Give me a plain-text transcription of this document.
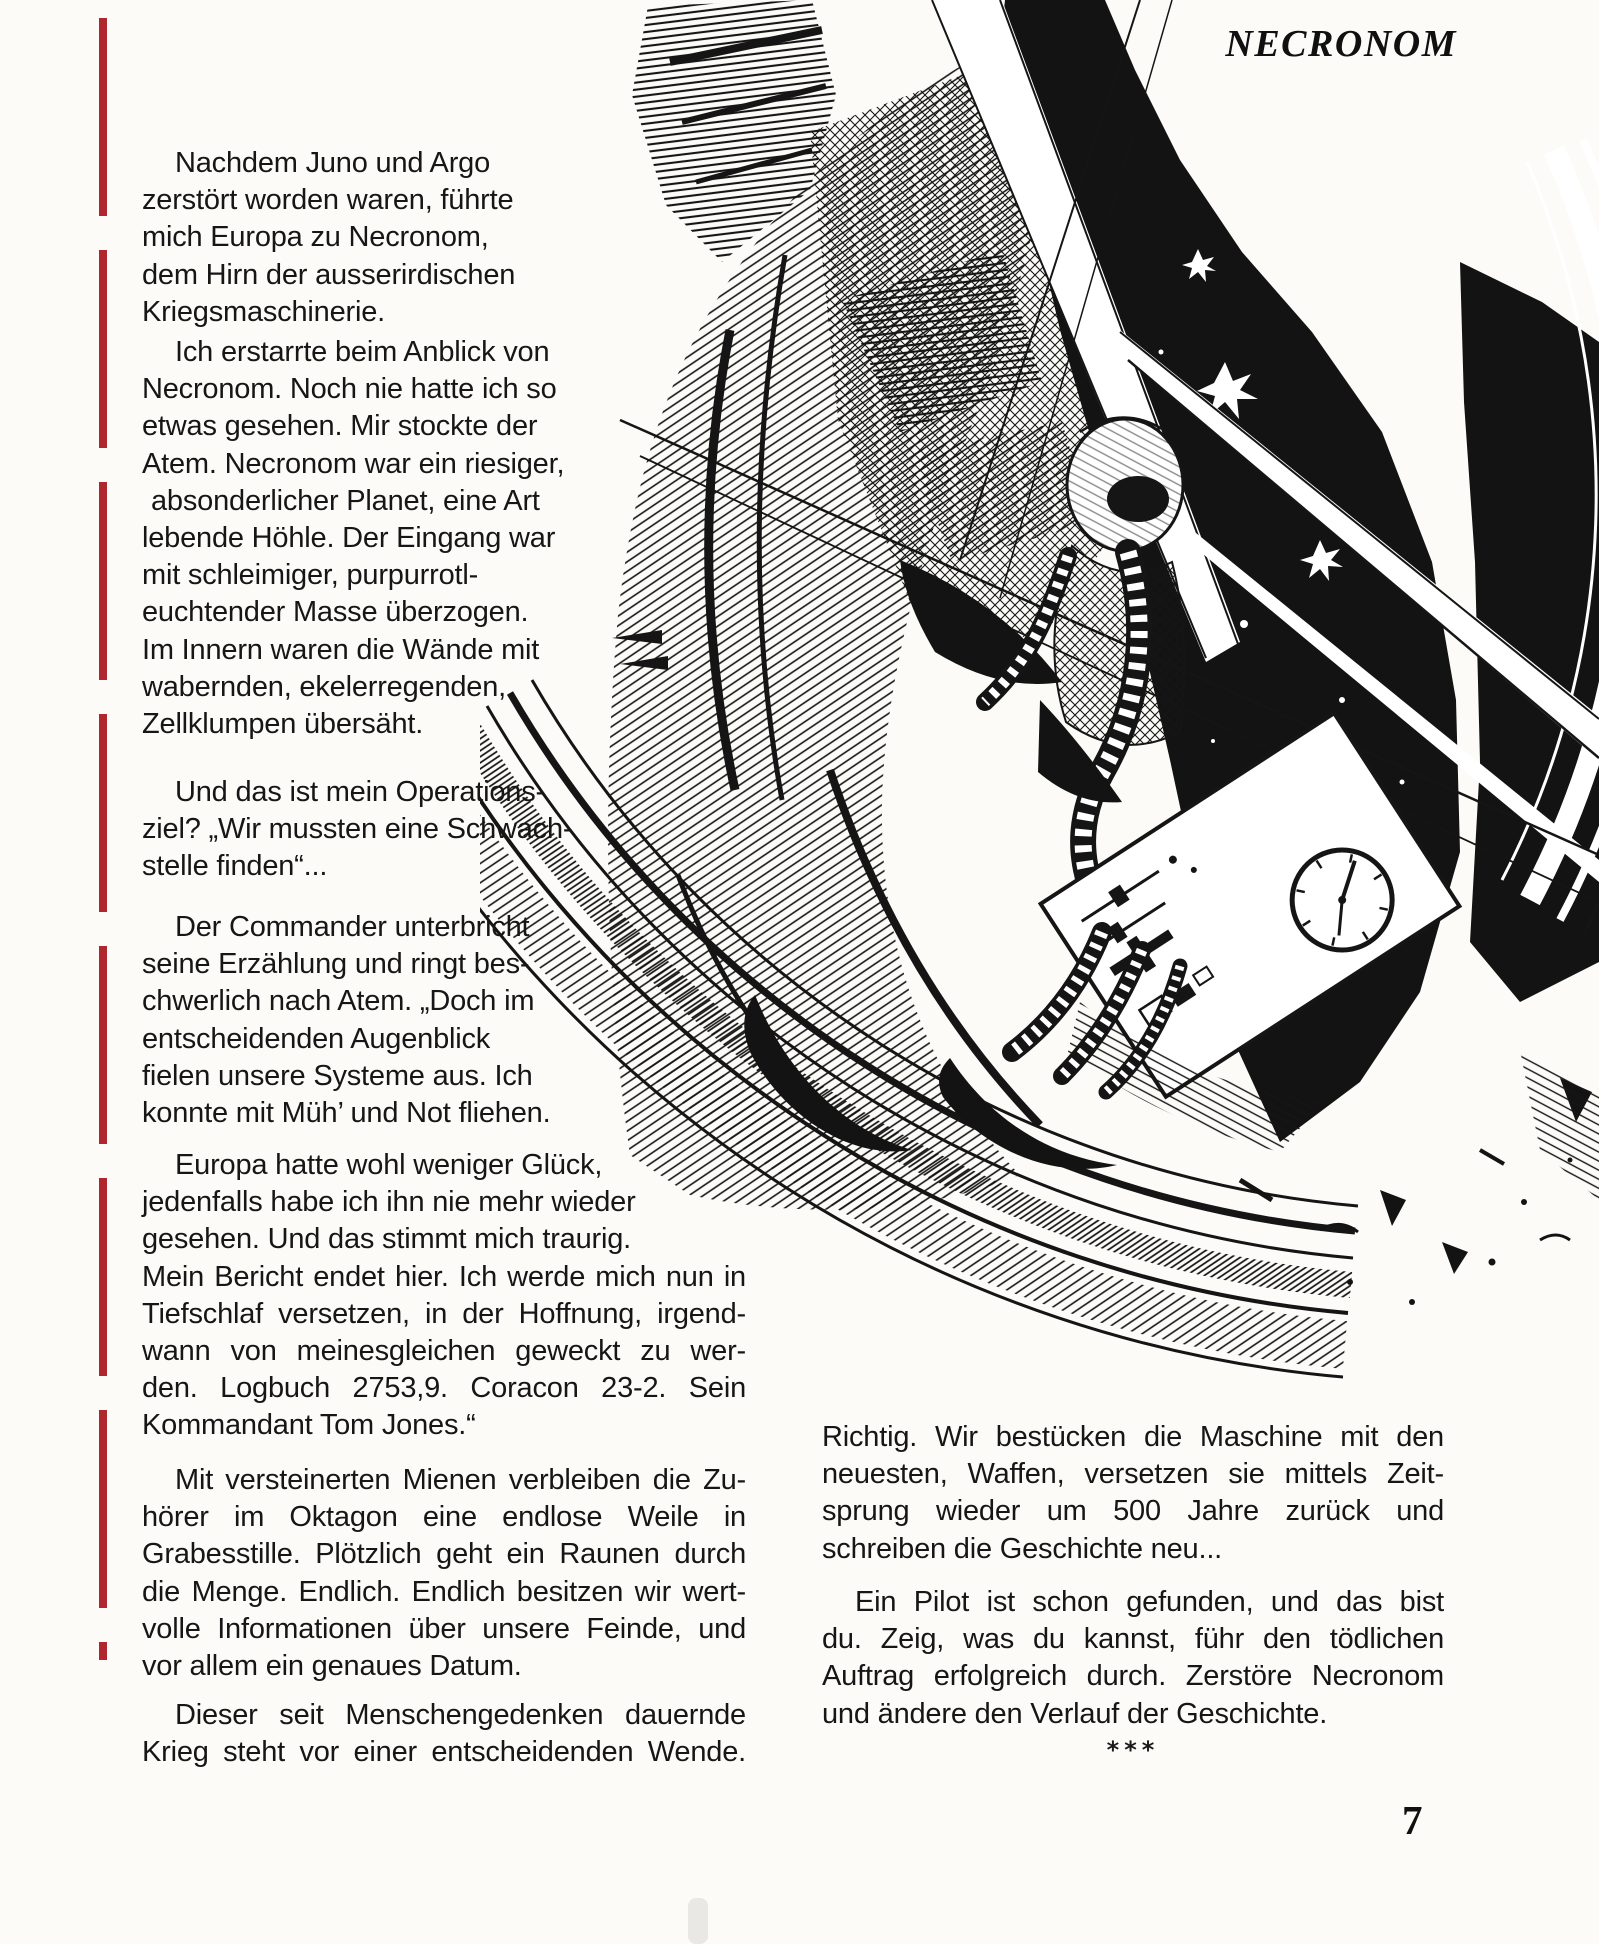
NECRONOM
Nachdem Juno und Argo
zerstört worden waren, führte
mich Europa zu Necronom,
dem Hirn der ausserirdischen
Kriegsmaschinerie.
Ich erstarrte beim Anblick von
Necronom. Noch nie hatte ich so
etwas gesehen. Mir stockte der
Atem. Necronom war ein riesiger,
absonderlicher Planet, eine Art
lebende Höhle. Der Eingang war
mit schleimiger, purpurrotl-
euchtender Masse überzogen.
Im Innern waren die Wände mit
wabernden, ekelerregenden,
Zellklumpen übersäht.
Und das ist mein Operations-
ziel? „Wir mussten eine Schwach-
stelle finden“...
Der Commander unterbricht
seine Erzählung und ringt bes-
chwerlich nach Atem. „Doch im
entscheidenden Augenblick
fielen unsere Systeme aus. Ich
konnte mit Müh’ und Not fliehen.
Europa hatte wohl weniger Glück,
jedenfalls habe ich ihn nie mehr wieder
gesehen. Und das stimmt mich traurig.
Mein Bericht endet hier. Ich werde mich nun in
Tiefschlaf versetzen, in der Hoffnung, irgend-
wann von meinesgleichen geweckt zu wer-
den. Logbuch 2753,9. Coracon 23-2. Sein
Kommandant Tom Jones.“
Mit versteinerten Mienen verbleiben die Zu-
hörer im Oktagon eine endlose Weile in
Grabesstille. Plötzlich geht ein Raunen durch
die Menge. Endlich. Endlich besitzen wir wert-
volle Informationen über unsere Feinde, und
vor allem ein genaues Datum.
Dieser seit Menschengedenken dauernde
Krieg steht vor einer entscheidenden Wende.
Richtig. Wir bestücken die Maschine mit den
neuesten, Waffen, versetzen sie mittels Zeit-
sprung wieder um 500 Jahre zurück und
schreiben die Geschichte neu...
Ein Pilot ist schon gefunden, und das bist
du. Zeig, was du kannst, führ den tödlichen
Auftrag erfolgreich durch. Zerstöre Necronom
und ändere den Verlauf der Geschichte.
***
7
